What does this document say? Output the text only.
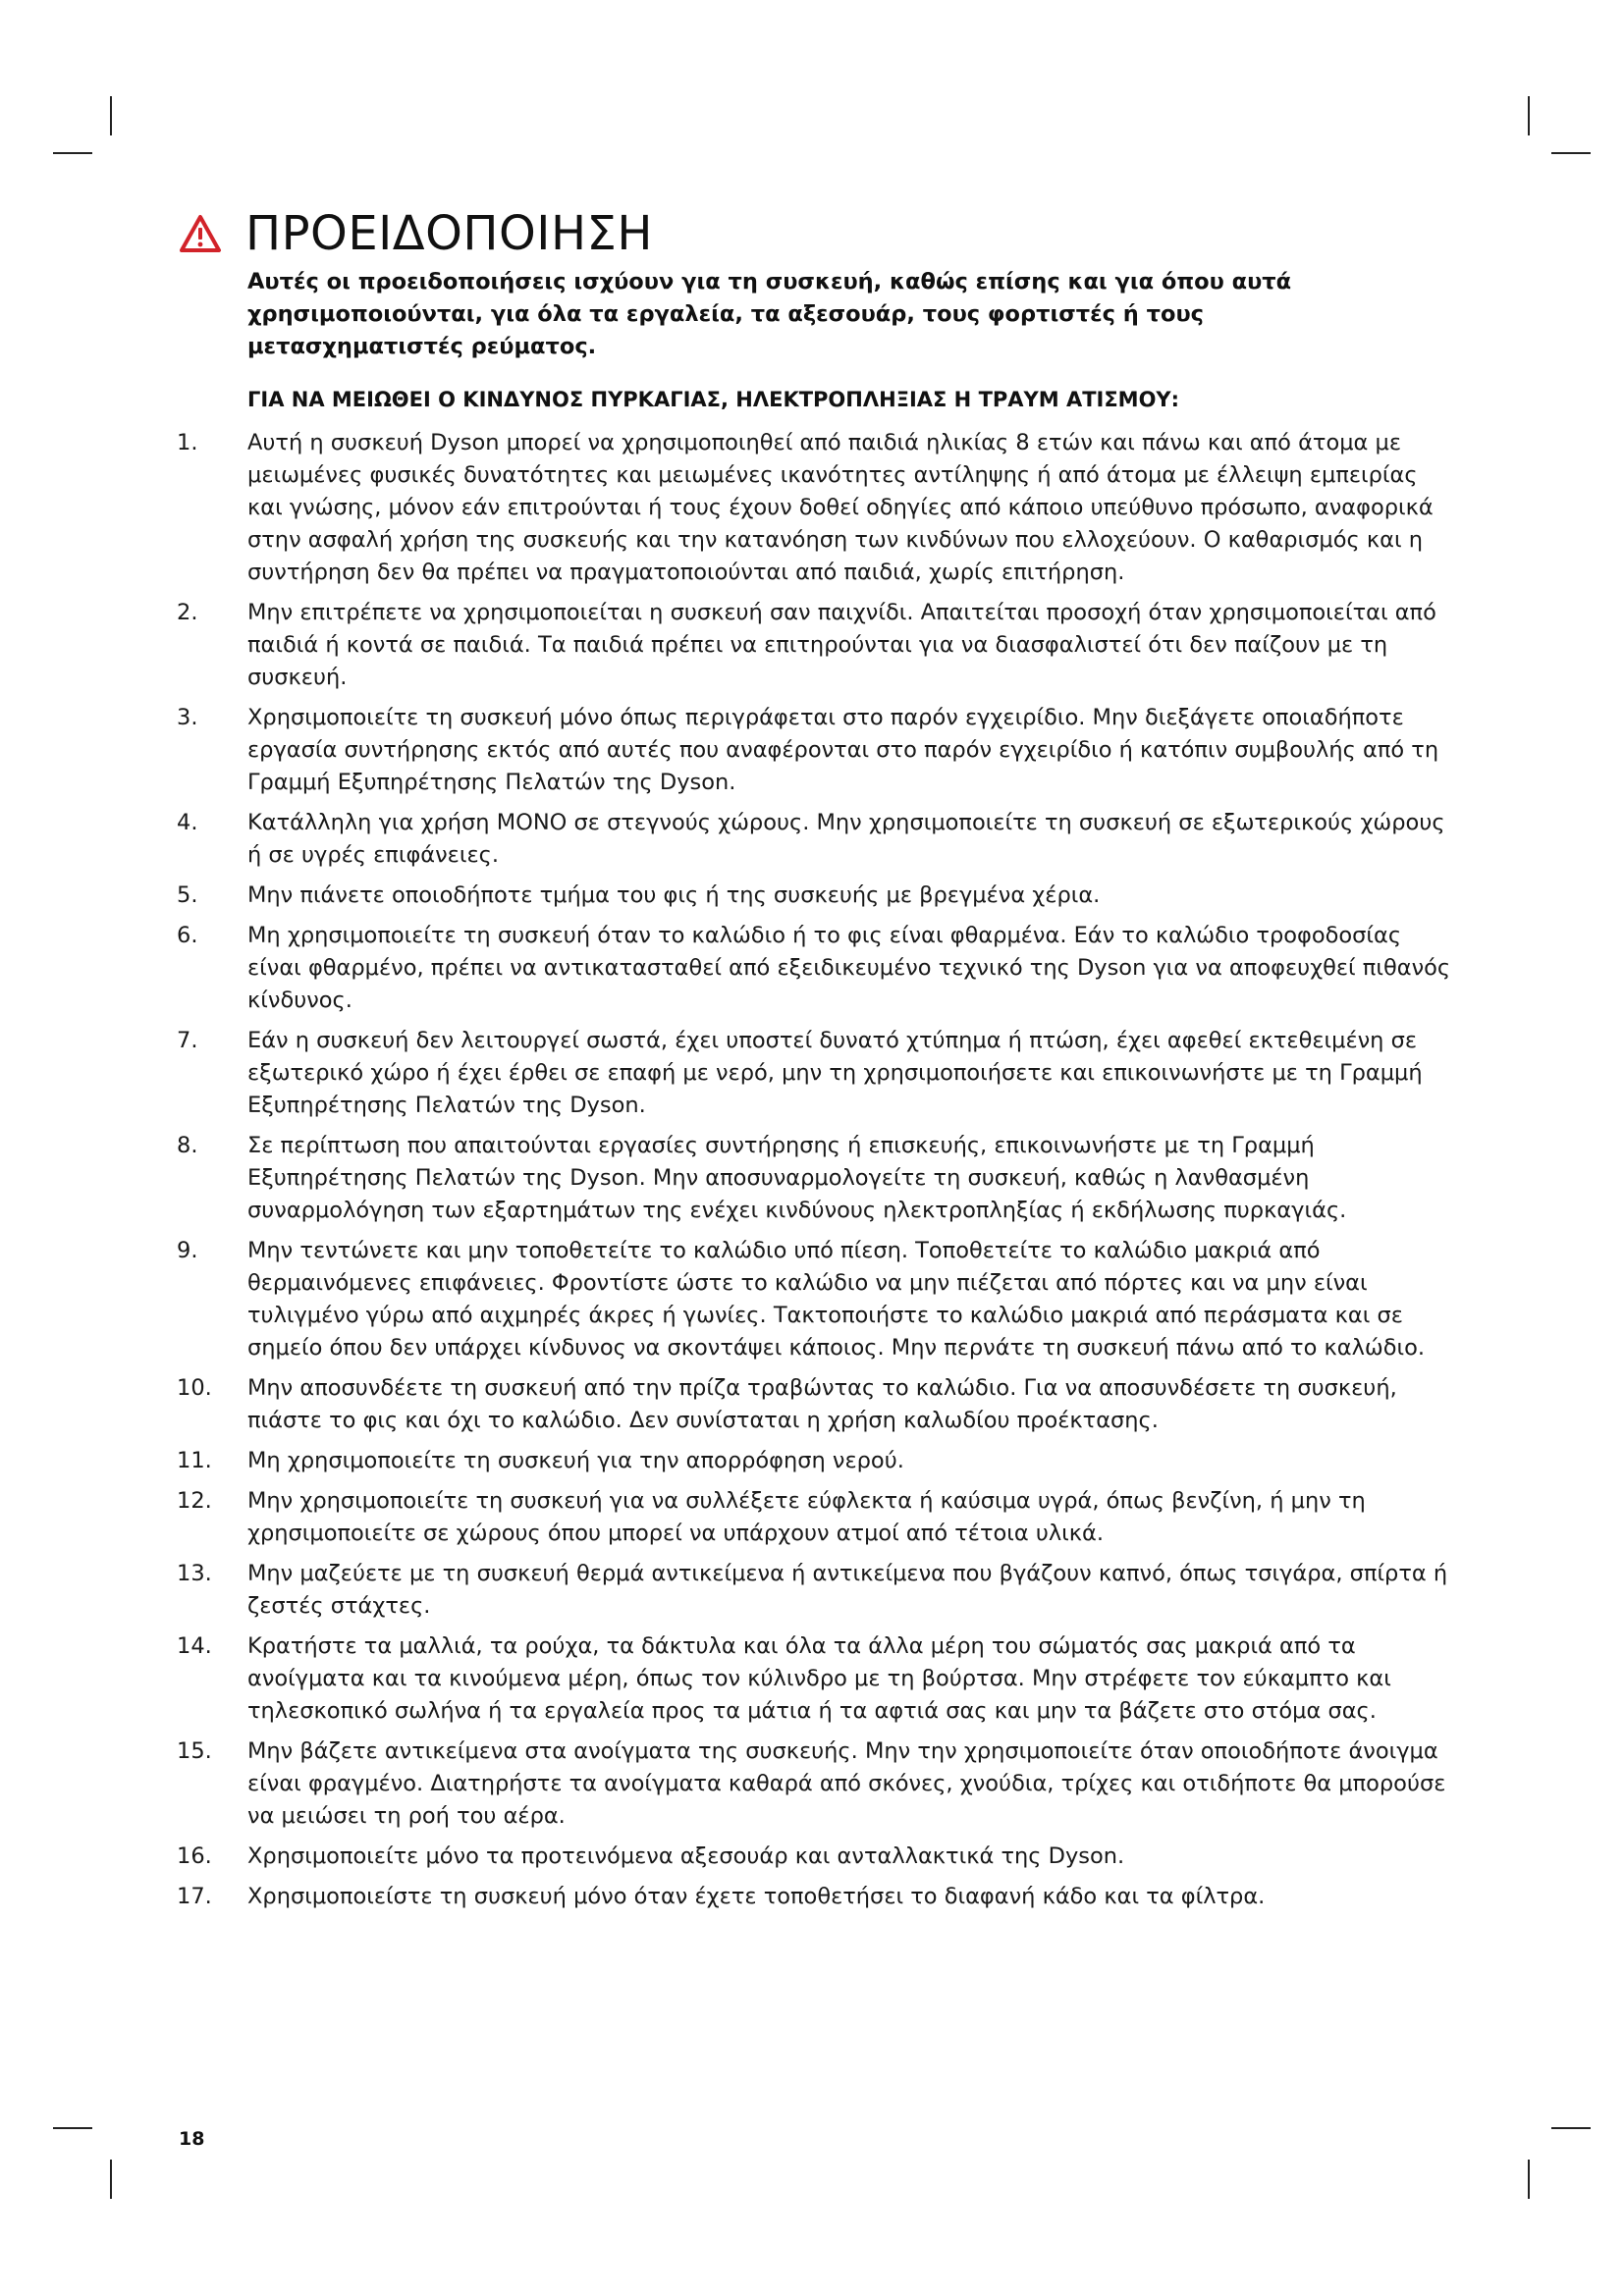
ΠΡΟΕΙΔΟΠΟΙΗΣΗ
Αυτές οι προειδοποιήσεις ισχύουν για τη συσκευή, καθώς επίσης και για όπου αυτά χρησιμοποιούνται, για όλα τα εργαλεία, τα αξεσουάρ, τους φορτιστές ή τους μετασχηματιστές ρεύματος.
ΓΙΑ ΝΑ ΜΕΙΩΘΕΙ Ο ΚΙΝΔΥΝΟΣ ΠΥΡΚΑΓΙΑΣ, ΗΛΕΚΤΡΟΠΛΗΞΙΑΣ Η ΤΡΑΥΜ ΑΤΙΣΜΟΥ:
1. Αυτή η συσκευή Dyson μπορεί να χρησιμοποιηθεί από παιδιά ηλικίας 8 ετών και πάνω και από άτομα με μειωμένες φυσικές δυνατότητες και μειωμένες ικανότητες αντίληψης ή από άτομα με έλλειψη εμπειρίας και γνώσης, μόνον εάν επιτρούνται ή τους έχουν δοθεί οδηγίες από κάποιο υπεύθυνο πρόσωπο, αναφορικά στην ασφαλή χρήση της συσκευής και την κατανόηση των κινδύνων που ελλοχεύουν. Ο καθαρισμός και η συντήρηση δεν θα πρέπει να πραγματοποιούνται από παιδιά, χωρίς επιτήρηση.
2. Μην επιτρέπετε να χρησιμοποιείται η συσκευή σαν παιχνίδι. Απαιτείται προσοχή όταν χρησιμοποιείται από παιδιά ή κοντά σε παιδιά. Τα παιδιά πρέπει να επιτηρούνται για να διασφαλιστεί ότι δεν παίζουν με τη συσκευή.
3. Χρησιμοποιείτε τη συσκευή μόνο όπως περιγράφεται στο παρόν εγχειρίδιο. Μην διεξάγετε οποιαδήποτε εργασία συντήρησης εκτός από αυτές που αναφέρονται στο παρόν εγχειρίδιο ή κατόπιν συμβουλής από τη Γραμμή Εξυπηρέτησης Πελατών της Dyson.
4. Κατάλληλη για χρήση ΜΟΝΟ σε στεγνούς χώρους. Μην χρησιμοποιείτε τη συσκευή σε εξωτερικούς χώρους ή σε υγρές επιφάνειες.
5. Μην πιάνετε οποιοδήποτε τμήμα του φις ή της συσκευής με βρεγμένα χέρια.
6. Μη χρησιμοποιείτε τη συσκευή όταν το καλώδιο ή το φις είναι φθαρμένα. Εάν το καλώδιο τροφοδοσίας είναι φθαρμένο, πρέπει να αντικατασταθεί από εξειδικευμένο τεχνικό της Dyson για να αποφευχθεί πιθανός κίνδυνος.
7. Εάν η συσκευή δεν λειτουργεί σωστά, έχει υποστεί δυνατό χτύπημα ή πτώση, έχει αφεθεί εκτεθειμένη σε εξωτερικό χώρο ή έχει έρθει σε επαφή με νερό, μην τη χρησιμοποιήσετε και επικοινωνήστε με τη Γραμμή Εξυπηρέτησης Πελατών της Dyson.
8. Σε περίπτωση που απαιτούνται εργασίες συντήρησης ή επισκευής, επικοινωνήστε με τη Γραμμή Εξυπηρέτησης Πελατών της Dyson. Μην αποσυναρμολογείτε τη συσκευή, καθώς η λανθασμένη συναρμολόγηση των εξαρτημάτων της ενέχει κινδύνους ηλεκτροπληξίας ή εκδήλωσης πυρκαγιάς.
9. Μην τεντώνετε και μην τοποθετείτε το καλώδιο υπό πίεση. Τοποθετείτε το καλώδιο μακριά από θερμαινόμενες επιφάνειες. Φροντίστε ώστε το καλώδιο να μην πιέζεται από πόρτες και να μην είναι τυλιγμένο γύρω από αιχμηρές άκρες ή γωνίες. Τακτοποιήστε το καλώδιο μακριά από περάσματα και σε σημείο όπου δεν υπάρχει κίνδυνος να σκοντάψει κάποιος. Μην περνάτε τη συσκευή πάνω από το καλώδιο.
10. Μην αποσυνδέετε τη συσκευή από την πρίζα τραβώντας το καλώδιο. Για να αποσυνδέσετε τη συσκευή, πιάστε το φις και όχι το καλώδιο. Δεν συνίσταται η χρήση καλωδίου προέκτασης.
11. Μη χρησιμοποιείτε τη συσκευή για την απορρόφηση νερού.
12. Μην χρησιμοποιείτε τη συσκευή για να συλλέξετε εύφλεκτα ή καύσιμα υγρά, όπως βενζίνη, ή μην τη χρησιμοποιείτε σε χώρους όπου μπορεί να υπάρχουν ατμοί από τέτοια υλικά.
13. Μην μαζεύετε με τη συσκευή θερμά αντικείμενα ή αντικείμενα που βγάζουν καπνό, όπως τσιγάρα, σπίρτα ή ζεστές στάχτες.
14. Κρατήστε τα μαλλιά, τα ρούχα, τα δάκτυλα και όλα τα άλλα μέρη του σώματός σας μακριά από τα ανοίγματα και τα κινούμενα μέρη, όπως τον κύλινδρο με τη βούρτσα. Μην στρέφετε τον εύκαμπτο και τηλεσκοπικό σωλήνα ή τα εργαλεία προς τα μάτια ή τα αφτιά σας και μην τα βάζετε στο στόμα σας.
15. Μην βάζετε αντικείμενα στα ανοίγματα της συσκευής. Μην την χρησιμοποιείτε όταν οποιοδήποτε άνοιγμα είναι φραγμένο. Διατηρήστε τα ανοίγματα καθαρά από σκόνες, χνούδια, τρίχες και οτιδήποτε θα μπορούσε να μειώσει τη ροή του αέρα.
16. Χρησιμοποιείτε μόνο τα προτεινόμενα αξεσουάρ και ανταλλακτικά της Dyson.
17. Χρησιμοποιείστε τη συσκευή μόνο όταν έχετε τοποθετήσει το διαφανή κάδο και τα φίλτρα.
18
